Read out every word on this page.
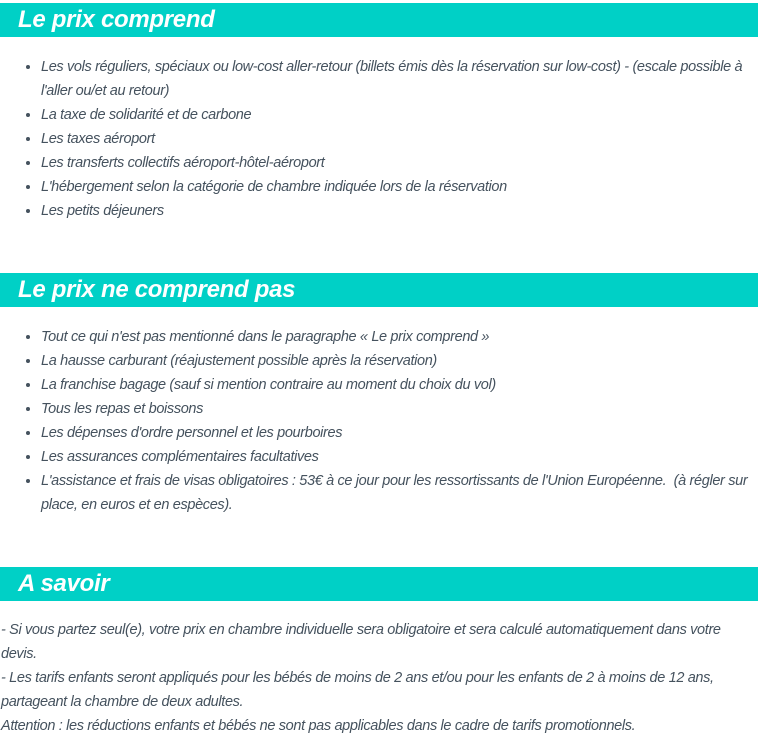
Le prix comprend
• Les vols réguliers, spéciaux ou low-cost aller-retour (billets émis dès la réservation sur low-cost) - (escale possible à l'aller ou/et au retour)
• La taxe de solidarité et de carbone
• Les taxes aéroport
• Les transferts collectifs aéroport-hôtel-aéroport
• L'hébergement selon la catégorie de chambre indiquée lors de la réservation
• Les petits déjeuners
Le prix ne comprend pas
• Tout ce qui n'est pas mentionné dans le paragraphe « Le prix comprend »
• La hausse carburant (réajustement possible après la réservation)
• La franchise bagage (sauf si mention contraire au moment du choix du vol)
• Tous les repas et boissons
• Les dépenses d'ordre personnel et les pourboires
• Les assurances complémentaires facultatives
• L'assistance et frais de visas obligatoires : 53€ à ce jour pour les ressortissants de l'Union Européenne.  (à régler sur place, en euros et en espèces).
A savoir

- Si vous partez seul(e), votre prix en chambre individuelle sera obligatoire et sera calculé automatiquement dans votre devis.

- Les tarifs enfants seront appliqués pour les bébés de moins de 2 ans et/ou pour les enfants de 2 à moins de 12 ans, partageant la chambre de deux adultes.

Attention : les réductions enfants et bébés ne sont pas applicables dans le cadre de tarifs promotionnels.
